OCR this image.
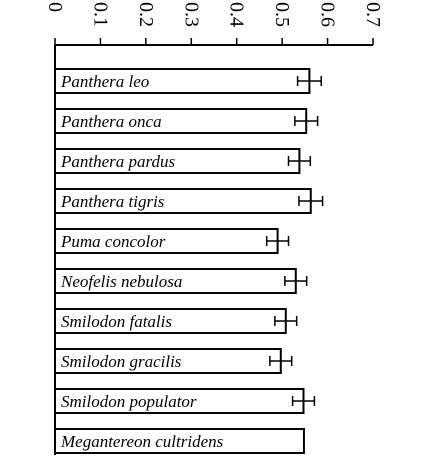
0 0.1 0.2 0.3 0.4 0.5 0.6 0.7
Panthera leo
Panthera onca
Panthera pardus
Panthera tigris
Puma concolor
Neofelis nebulosa
Smilodon fatalis
Smilodon gracilis
Smilodon populator
Megantereon cultridens
